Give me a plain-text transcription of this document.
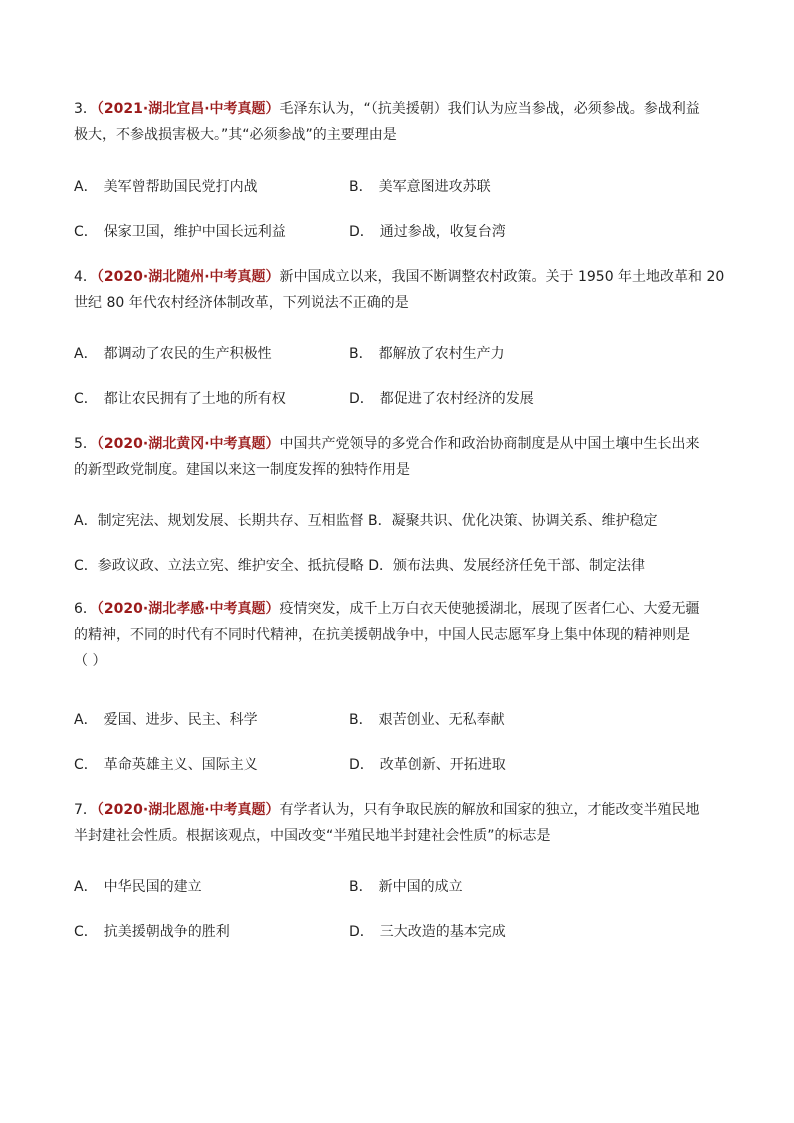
3．（2021·湖北宜昌·中考真题）毛泽东认为，“（抗美援朝）我们认为应当参战，必须参战。参战利益
极大，不参战损害极大。”其“必须参战”的主要理由是
A． 美军曾帮助国民党打内战	B． 美军意图进攻苏联
C． 保家卫国，维护中国长远利益	D． 通过参战，收复台湾
4．（2020·湖北随州·中考真题）新中国成立以来，我国不断调整农村政策。关于 1950 年土地改革和 20
世纪 80 年代农村经济体制改革，下列说法不正确的是
A． 都调动了农民的生产积极性	B． 都解放了农村生产力
C． 都让农民拥有了土地的所有权	D． 都促进了农村经济的发展
5．（2020·湖北黄冈·中考真题）中国共产党领导的多党合作和政治协商制度是从中国土壤中生长出来
的新型政党制度。建国以来这一制度发挥的独特作用是
A．制定宪法、规划发展、长期共存、互相监督 B．凝聚共识、优化决策、协调关系、维护稳定
C．参政议政、立法立宪、维护安全、抵抗侵略 D．颁布法典、发展经济任免干部、制定法律
6．（2020·湖北孝感·中考真题）疫情突发，成千上万白衣天使驰援湖北，展现了医者仁心、大爱无疆
的精神，不同的时代有不同时代精神，在抗美援朝战争中，中国人民志愿军身上集中体现的精神则是
（ ）
A． 爱国、进步、民主、科学	B． 艰苦创业、无私奉献
C． 革命英雄主义、国际主义	D． 改革创新、开拓进取
7．（2020·湖北恩施·中考真题）有学者认为，只有争取民族的解放和国家的独立，才能改变半殖民地
半封建社会性质。根据该观点，中国改变“半殖民地半封建社会性质”的标志是
A． 中华民国的建立	B． 新中国的成立
C． 抗美援朝战争的胜利	D． 三大改造的基本完成
